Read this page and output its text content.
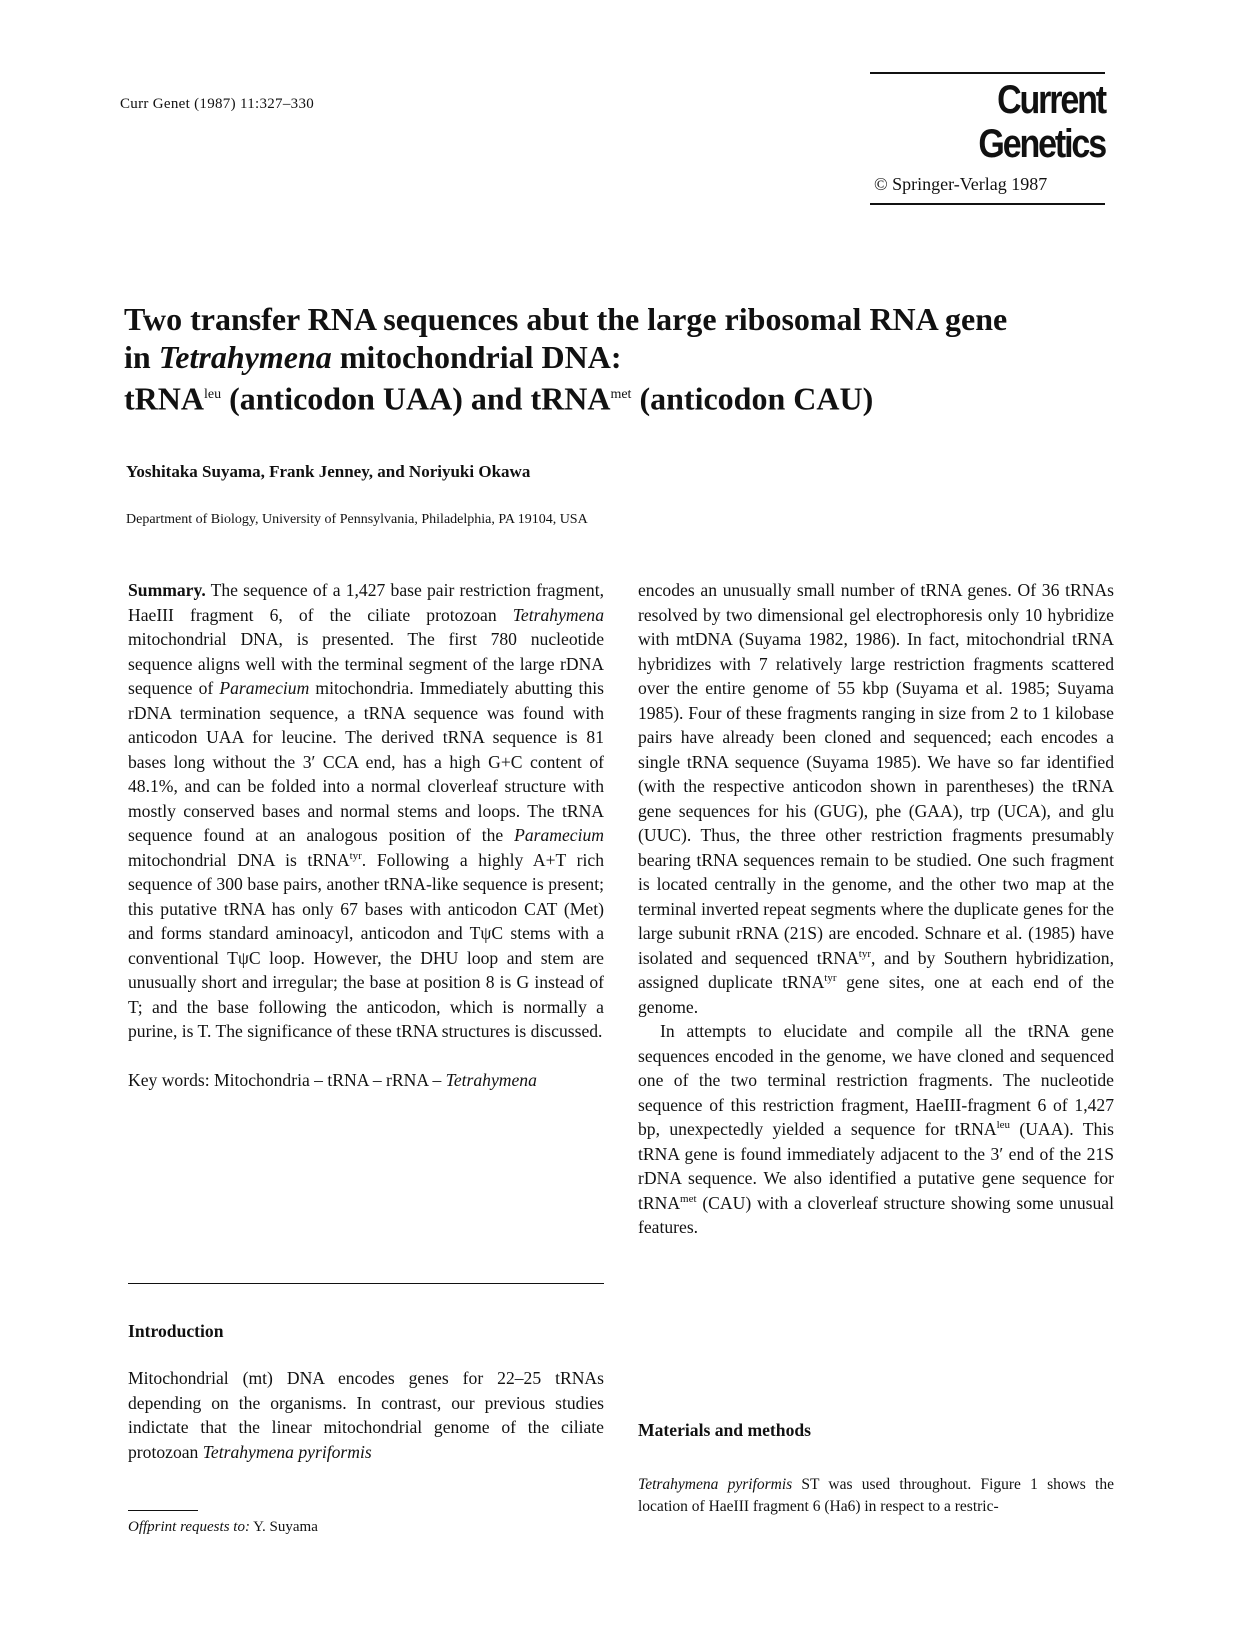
Curr Genet (1987) 11:327–330	Current Genetics
© Springer-Verlag 1987
Two transfer RNA sequences abut the large ribosomal RNA gene
in Tetrahymena mitochondrial DNA:
tRNA$^{leu}$ (anticodon UAA) and tRNA$^{met}$ (anticodon CAU)
Yoshitaka Suyama, Frank Jenney, and Noriyuki Okawa
Department of Biology, University of Pennsylvania, Philadelphia, PA 19104, USA

Summary. The sequence of a 1,427 base pair restriction fragment, HaeIII fragment 6, of the ciliate protozoan Tetrahymena mitochondrial DNA, is presented. The first 780 nucleotide sequence aligns well with the terminal segment of the large rDNA sequence of Paramecium mitochondria. Immediately abutting this rDNA termination sequence, a tRNA sequence was found with anticodon UAA for leucine. The derived tRNA sequence is 81 bases long without the 3′ CCA end, has a high G+C content of 48.1%, and can be folded into a normal cloverleaf structure with mostly conserved bases and normal stems and loops. The tRNA sequence found at an analogous position of the Paramecium mitochondrial DNA is tRNA$^{tyr}$. Following a highly A+T rich sequence of 300 base pairs, another tRNA-like sequence is present; this putative tRNA has only 67 bases with anticodon CAT (Met) and forms standard aminoacyl, anticodon and TψC stems with a conventional TψC loop. However, the DHU loop and stem are unusually short and irregular; the base at position 8 is G instead of T; and the base following the anticodon, which is normally a purine, is T. The significance of these tRNA structures is discussed.

Key words: Mitochondria – tRNA – rRNA – Tetrahymena

Introduction
Mitochondrial (mt) DNA encodes genes for 22–25 tRNAs depending on the organisms. In contrast, our previous studies indictate that the linear mitochondrial genome of the ciliate protozoan Tetrahymena pyriformis
Offprint requests to: Y. Suyama

encodes an unusually small number of tRNA genes. Of 36 tRNAs resolved by two dimensional gel electrophoresis only 10 hybridize with mtDNA (Suyama 1982, 1986). In fact, mitochondrial tRNA hybridizes with 7 relatively large restriction fragments scattered over the entire genome of 55 kbp (Suyama et al. 1985; Suyama 1985). Four of these fragments ranging in size from 2 to 1 kilobase pairs have already been cloned and sequenced; each encodes a single tRNA sequence (Suyama 1985). We have so far identified (with the respective anticodon shown in parentheses) the tRNA gene sequences for his (GUG), phe (GAA), trp (UCA), and glu (UUC). Thus, the three other restriction fragments presumably bearing tRNA sequences remain to be studied. One such fragment is located centrally in the genome, and the other two map at the terminal inverted repeat segments where the duplicate genes for the large subunit rRNA (21S) are encoded. Schnare et al. (1985) have isolated and sequenced tRNA$^{tyr}$, and by Southern hybridization, assigned duplicate tRNA$^{tyr}$ gene sites, one at each end of the genome.

In attempts to elucidate and compile all the tRNA gene sequences encoded in the genome, we have cloned and sequenced one of the two terminal restriction fragments. The nucleotide sequence of this restriction fragment, HaeIII-fragment 6 of 1,427 bp, unexpectedly yielded a sequence for tRNA$^{leu}$ (UAA). This tRNA gene is found immediately adjacent to the 3′ end of the 21S rDNA sequence. We also identified a putative gene sequence for tRNA$^{met}$ (CAU) with a cloverleaf structure showing some unusual features.

Materials and methods
Tetrahymena pyriformis ST was used throughout. Figure 1 shows the location of HaeIII fragment 6 (Ha6) in respect to a restric-
